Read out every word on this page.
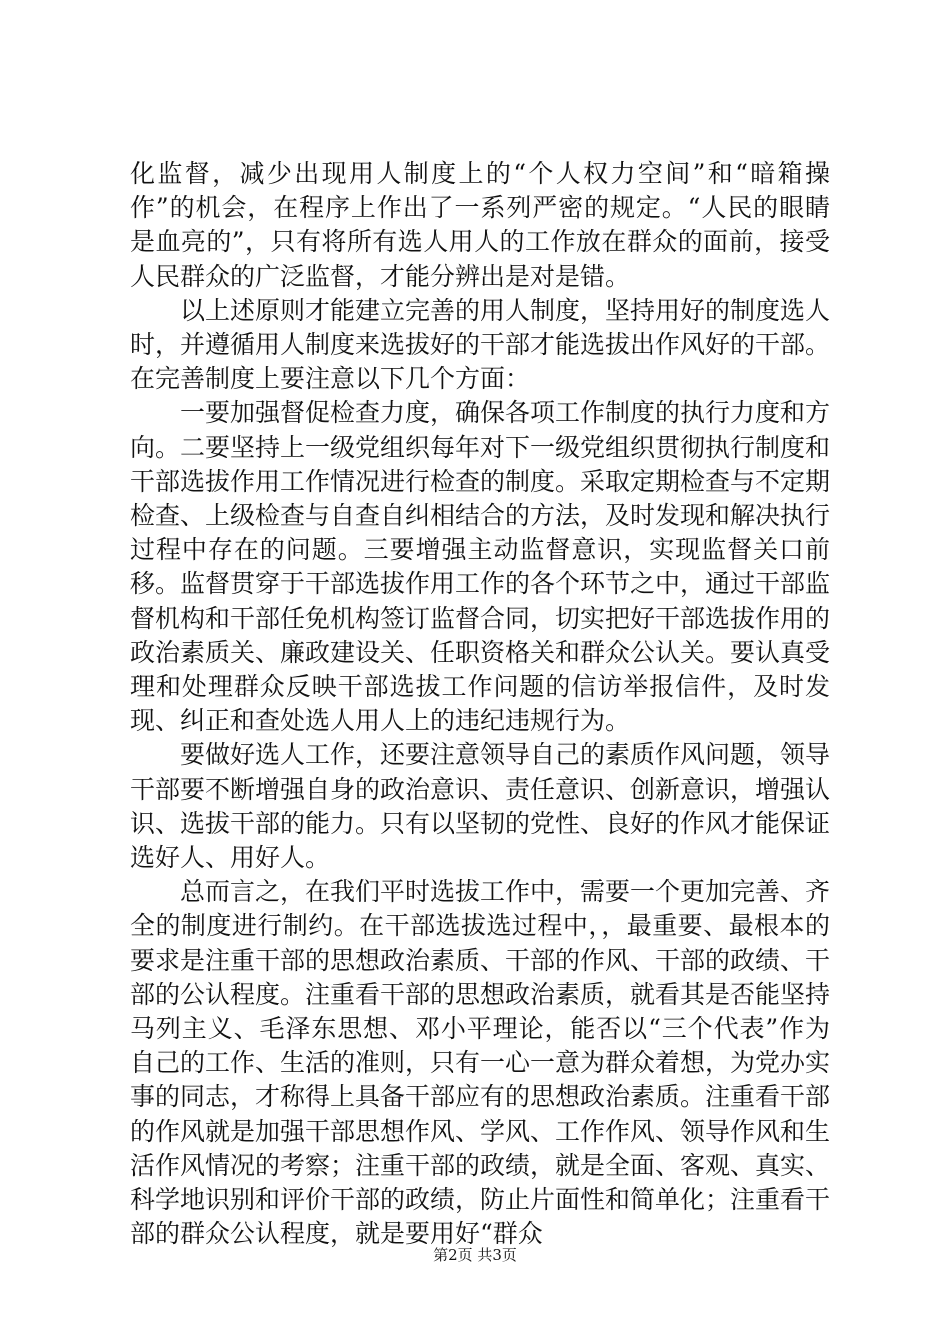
化监督，减少出现用人制度上的“个人权力空间”和“暗箱操作”的机会，在程序上作出了一系列严密的规定。“人民的眼睛是血亮的”，只有将所有选人用人的工作放在群众的面前，接受人民群众的广泛监督，才能分辨出是对是错。

以上述原则才能建立完善的用人制度，坚持用好的制度选人时，并遵循用人制度来选拔好的干部才能选拔出作风好的干部。在完善制度上要注意以下几个方面：

一要加强督促检查力度，确保各项工作制度的执行力度和方向。二要坚持上一级党组织每年对下一级党组织贯彻执行制度和干部选拔作用工作情况进行检查的制度。采取定期检查与不定期检查、上级检查与自查自纠相结合的方法，及时发现和解决执行过程中存在的问题。三要增强主动监督意识，实现监督关口前移。监督贯穿于干部选拔作用工作的各个环节之中，通过干部监督机构和干部任免机构签订监督合同，切实把好干部选拔作用的政治素质关、廉政建设关、任职资格关和群众公认关。要认真受理和处理群众反映干部选拔工作问题的信访举报信件，及时发现、纠正和查处选人用人上的违纪违规行为。

要做好选人工作，还要注意领导自己的素质作风问题，领导干部要不断增强自身的政治意识、责任意识、创新意识，增强认识、选拔干部的能力。只有以坚韧的党性、良好的作风才能保证选好人、用好人。

总而言之，在我们平时选拔工作中，需要一个更加完善、齐全的制度进行制约。在干部选拔选过程中，，最重要、最根本的要求是注重干部的思想政治素质、干部的作风、干部的政绩、干部的公认程度。注重看干部的思想政治素质，就看其是否能坚持马列主义、毛泽东思想、邓小平理论，能否以“三个代表”作为自己的工作、生活的准则，只有一心一意为群众着想，为党办实事的同志，才称得上具备干部应有的思想政治素质。注重看干部的作风就是加强干部思想作风、学风、工作作风、领导作风和生活作风情况的考察；注重干部的政绩，就是全面、客观、真实、科学地识别和评价干部的政绩，防止片面性和简单化；注重看干部的群众公认程度，就是要用好“群众

第2页 共3页
